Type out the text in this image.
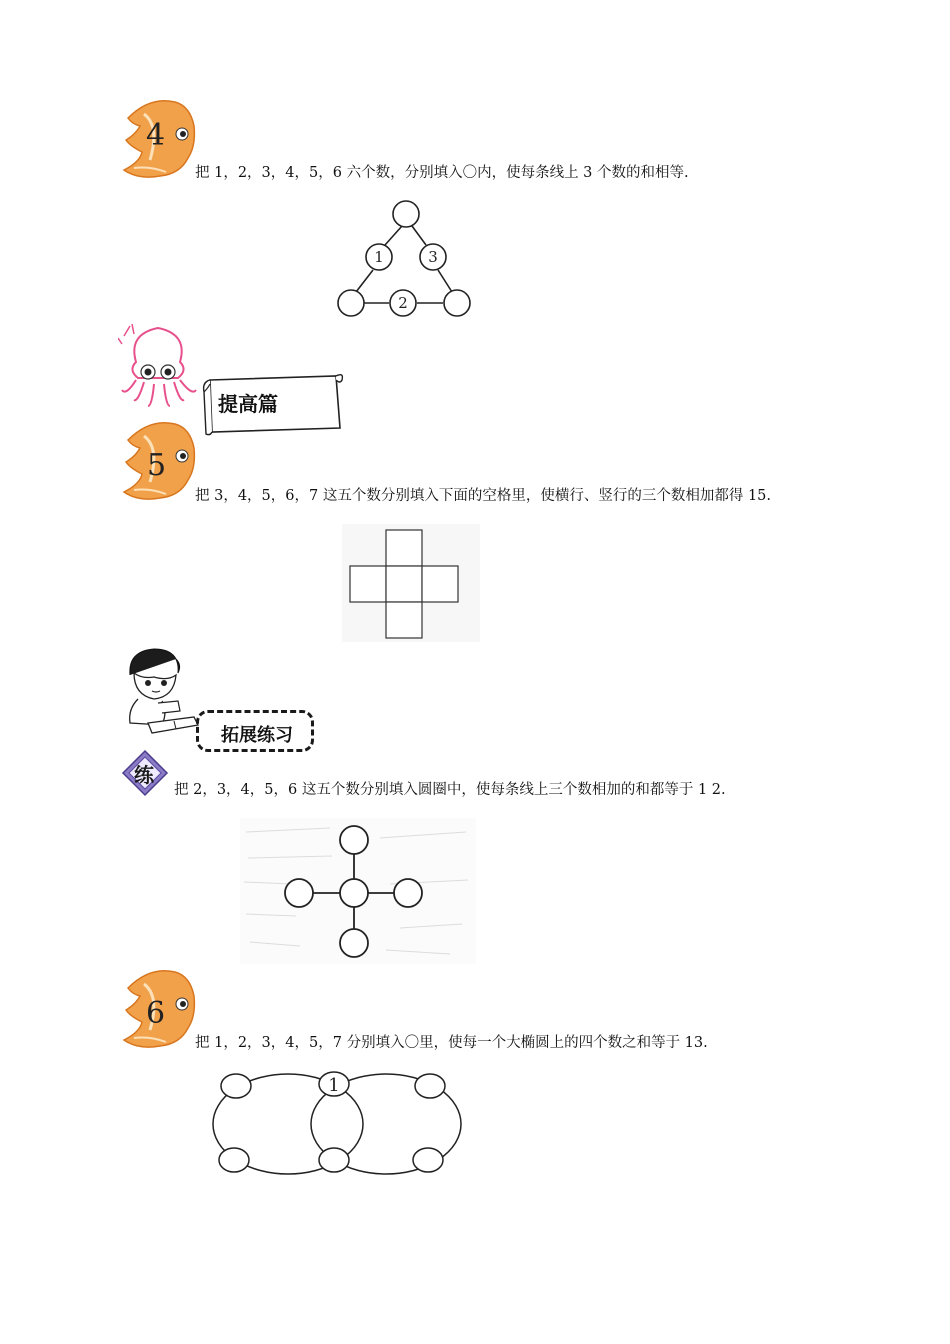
4
把 1，2，3，4，5，6 六个数，分别填入〇内，使每条线上 3 个数的和相等.
1	3
2
提高篇
5
把 3，4，5，6，7 这五个数分别填入下面的空格里，使横行、竖行的三个数相加都得 15.
拓展练习
练
把 2，3，4，5，6 这五个数分别填入圆圈中，使每条线上三个数相加的和都等于 1 2.
6
把 1，2，3，4，5，7 分别填入〇里，使每一个大椭圆上的四个数之和等于 13.
1
